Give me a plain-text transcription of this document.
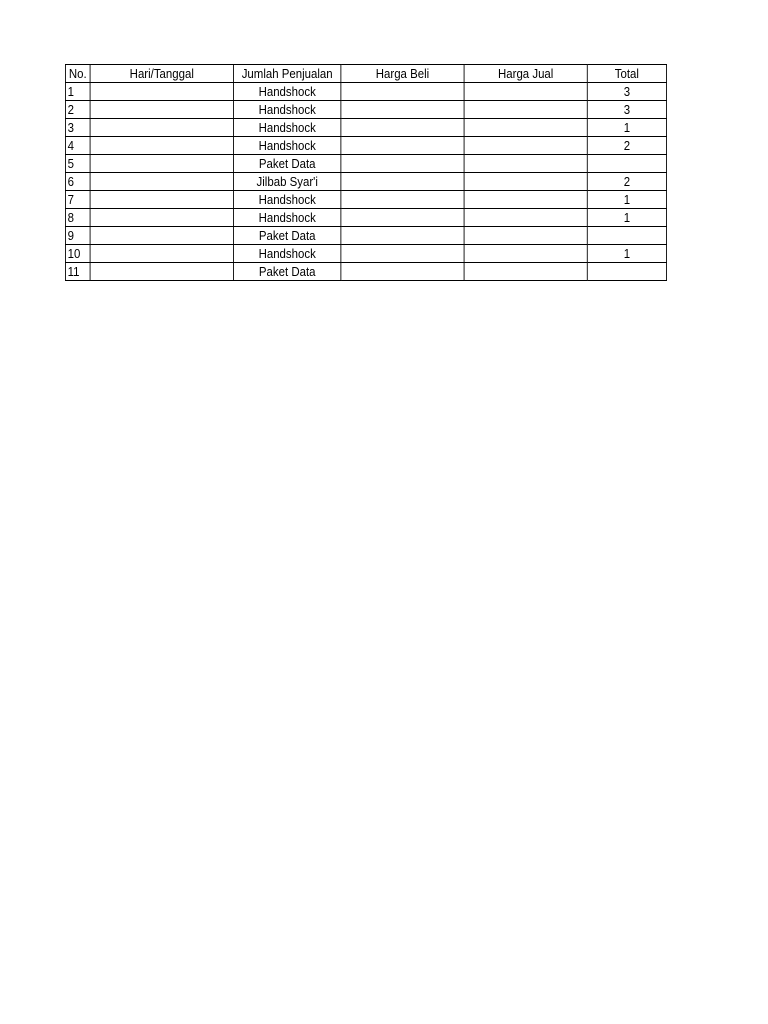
No.	Hari/Tanggal	Jumlah Penjualan	Harga Beli	Harga Jual	Total
1		Handshock			3
2		Handshock			3
3		Handshock			1
4		Handshock			2
5		Paket Data			
6		Jilbab Syar'i			2
7		Handshock			1
8		Handshock			1
9		Paket Data			
10		Handshock			1
11		Paket Data			
